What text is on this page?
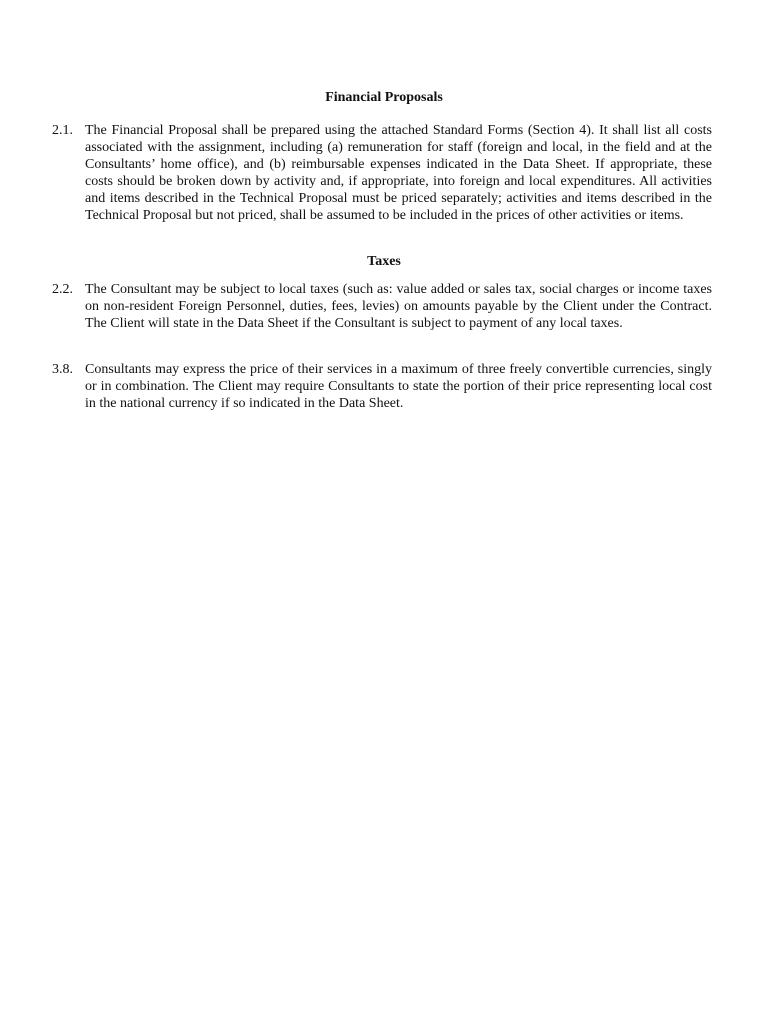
Financial Proposals
2.1. The Financial Proposal shall be prepared using the attached Standard Forms (Section 4). It shall list all costs associated with the assignment, including (a) remuneration for staff (foreign and local, in the field and at the Consultants’ home office), and (b) reimbursable expenses indicated in the Data Sheet. If appropriate, these costs should be broken down by activity and, if appropriate, into foreign and local expenditures. All activities and items described in the Technical Proposal must be priced separately; activities and items described in the Technical Proposal but not priced, shall be assumed to be included in the prices of other activities or items.
Taxes
2.2. The Consultant may be subject to local taxes (such as: value added or sales tax, social charges or income taxes on non-resident Foreign Personnel, duties, fees, levies) on amounts payable by the Client under the Contract. The Client will state in the Data Sheet if the Consultant is subject to payment of any local taxes.
3.8. Consultants may express the price of their services in a maximum of three freely convertible currencies, singly or in combination. The Client may require Consultants to state the portion of their price representing local cost in the national currency if so indicated in the Data Sheet.
